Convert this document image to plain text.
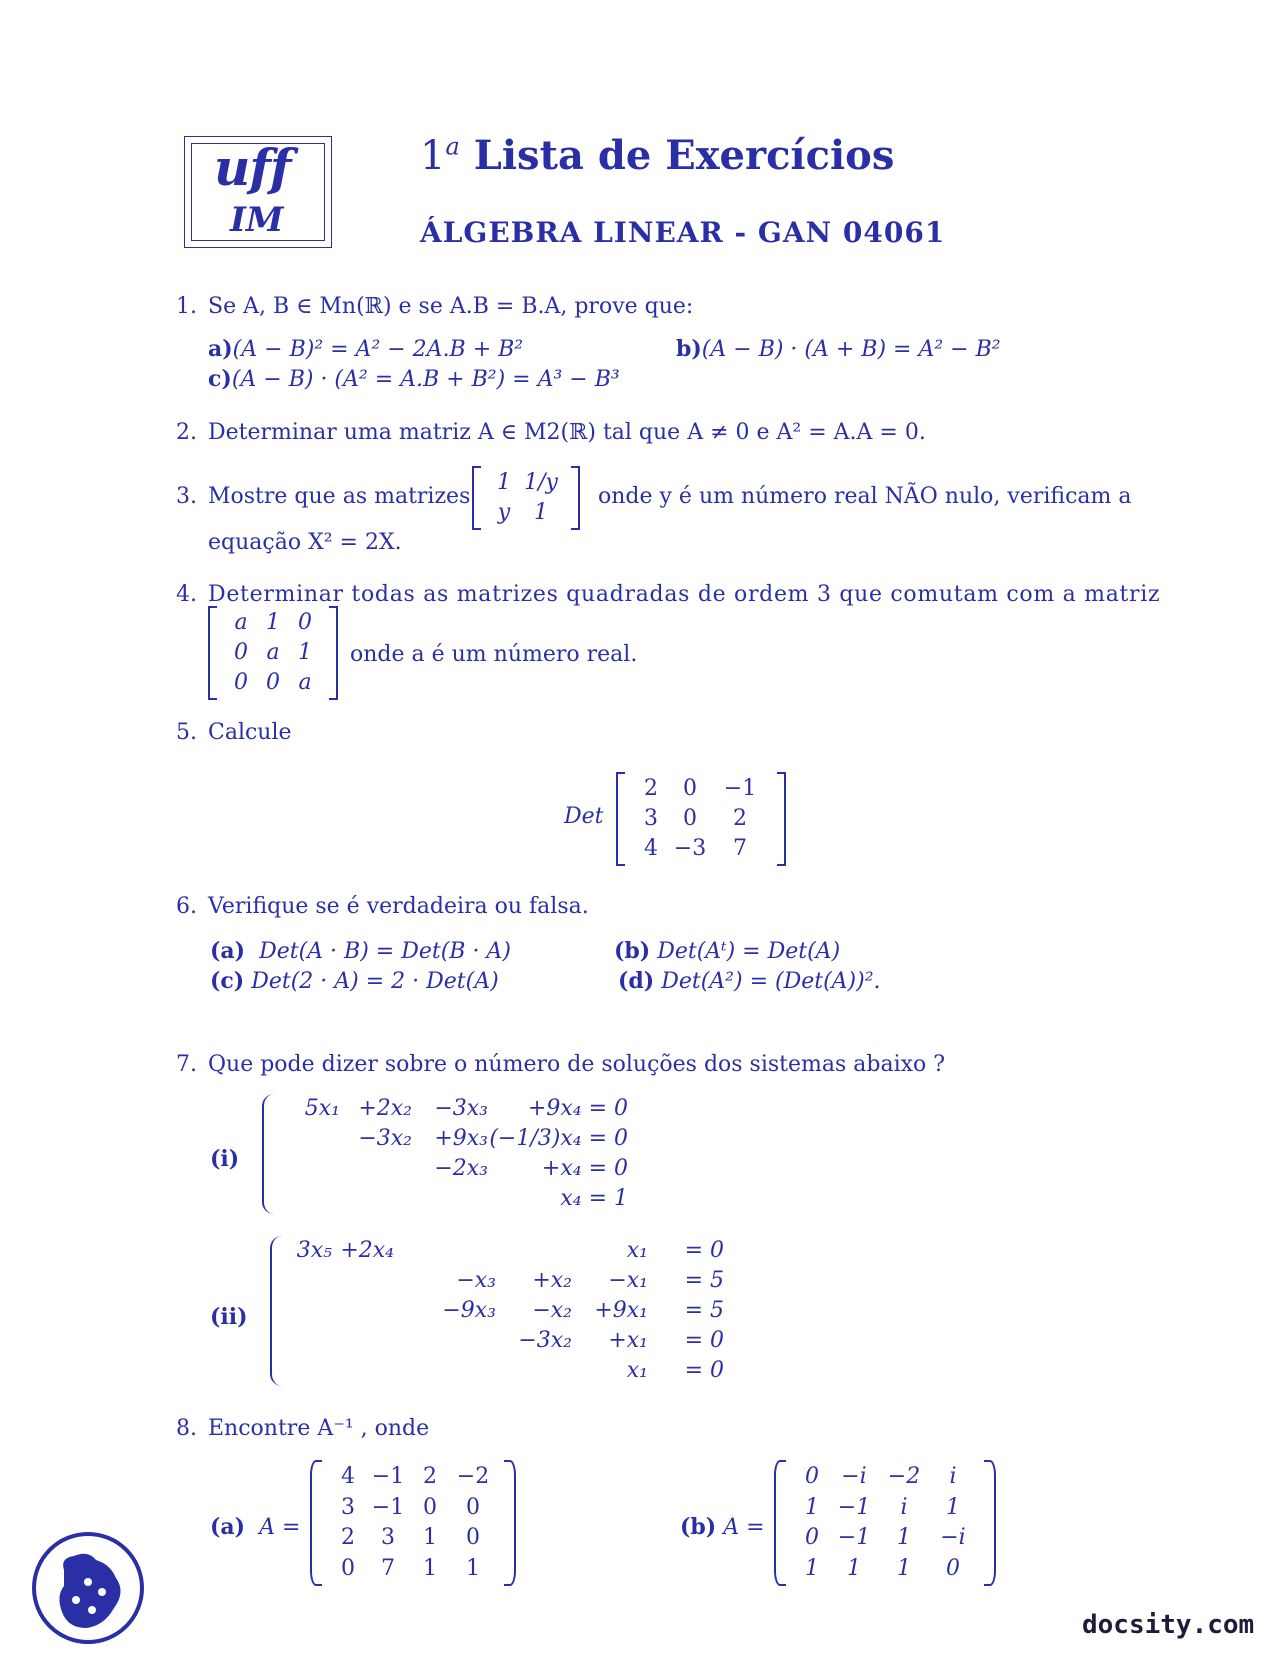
uff
IM
1$^a$ Lista de Exercícios
ÁLGEBRA LINEAR - GAN 04061
1. Se A, B ∈ Mn(ℝ) e se A.B = B.A, prove que:
a)(A − B)² = A² − 2A.B + B²	b)(A − B) · (A + B) = A² − B²
c)(A − B) · (A² = A.B + B²) = A³ − B³
2. Determinar uma matriz A ∈ M2(ℝ) tal que A ≠ 0 e A² = A.A = 0.
3. Mostre que as matrizes
1 1/y
y	1
onde y é um número real NÃO nulo, verificam a
equação X² = 2X.
4. Determinar todas as matrizes quadradas de ordem 3 que comutam com a matriz
a 1 0
0 a 1
0 0 a
onde a é um número real.
5. Calcule
Det
2	0	−1
3	0	2
4 −3	7
6. Verifique se é verdadeira ou falsa.
(a) Det(A · B) = Det(B · A)	(b) Det(Aᵗ) = Det(A)
(c) Det(2 · A) = 2 · Det(A)	(d) Det(A²) = (Det(A))².
7. Que pode dizer sobre o número de soluções dos sistemas abaixo ?
(i)
5x₁ +2x₂	−3x₃	+9x₄ = 0
−3x₂	+9x₃ (−1/3)x₄ = 0
−2x₃	+x₄ = 0
x₄ = 1
(ii)
3x₅ +2x₄	x₁	= 0
−x₃	+x₂	−x₁	= 5
−9x₃	−x₂	+9x₁	= 5
−3x₂	+x₁	= 0
x₁	= 0
8. Encontre A⁻¹ , onde
(a) A =
4 −1 2 −2
3 −1 0	0
2	3	1	0
0	7	1	1
(b) A =
0	−i −2	i
1 −1	i	1
0 −1	1	−i
1	1	1	0
docsity.com
